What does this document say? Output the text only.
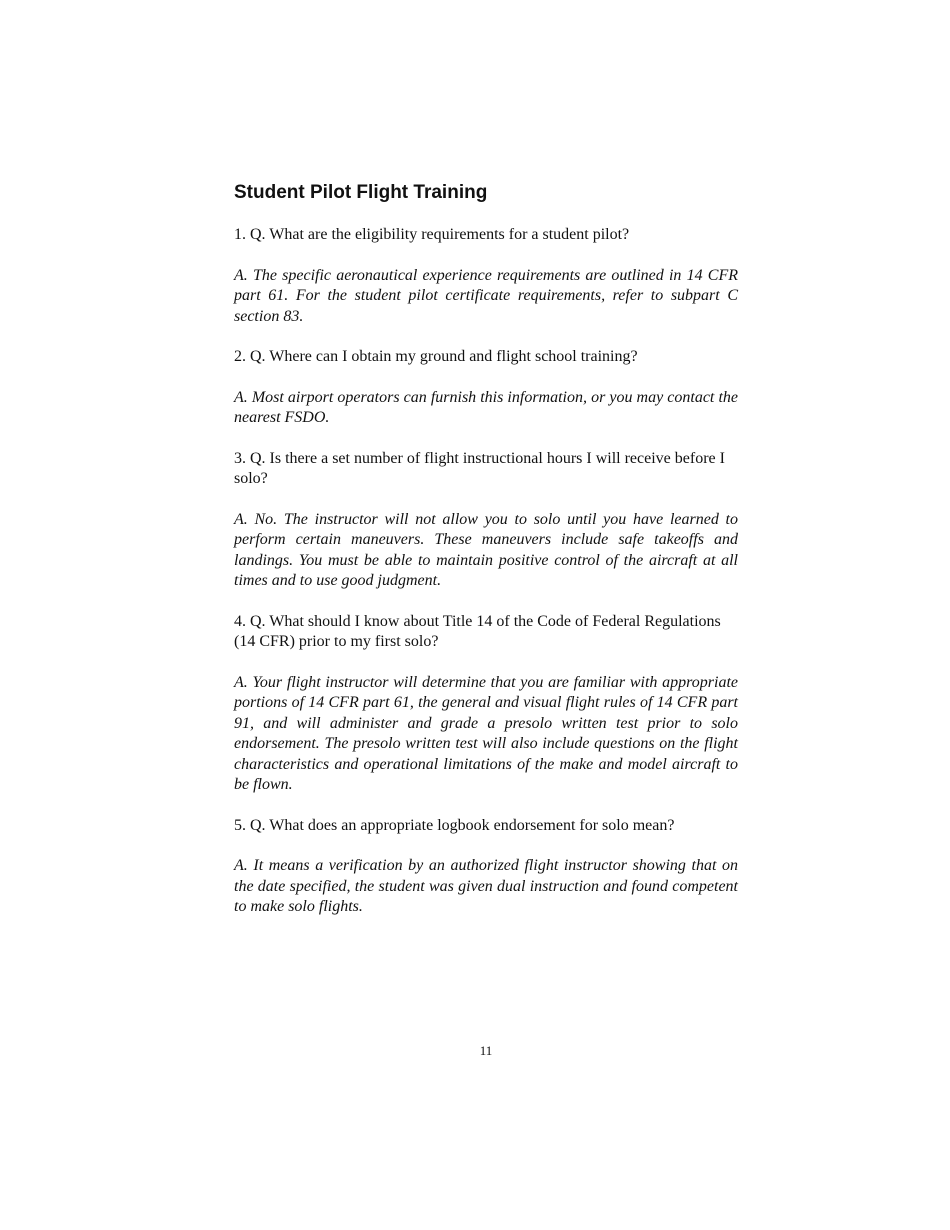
Student Pilot Flight Training

1. Q. What are the eligibility requirements for a student pilot?

A. The specific aeronautical experience requirements are outlined in 14 CFR part 61. For the student pilot certificate requirements, refer to subpart C section 83.

2. Q. Where can I obtain my ground and flight school training?

A. Most airport operators can furnish this information, or you may contact the nearest FSDO.

3. Q. Is there a set number of flight instructional hours I will receive before I solo?

A. No. The instructor will not allow you to solo until you have learned to perform certain maneuvers. These maneuvers include safe takeoffs and landings. You must be able to maintain positive control of the aircraft at all times and to use good judgment.

4. Q. What should I know about Title 14 of the Code of Federal Regulations (14 CFR) prior to my first solo?

A. Your flight instructor will determine that you are familiar with appropriate portions of 14 CFR part 61, the general and visual flight rules of 14 CFR part 91, and will administer and grade a presolo written test prior to solo endorsement. The presolo written test will also include questions on the flight characteristics and operational limitations of the make and model aircraft to be flown.

5. Q. What does an appropriate logbook endorsement for solo mean?

A. It means a verification by an authorized flight instructor showing that on the date specified, the student was given dual instruction and found competent to make solo flights.

11
